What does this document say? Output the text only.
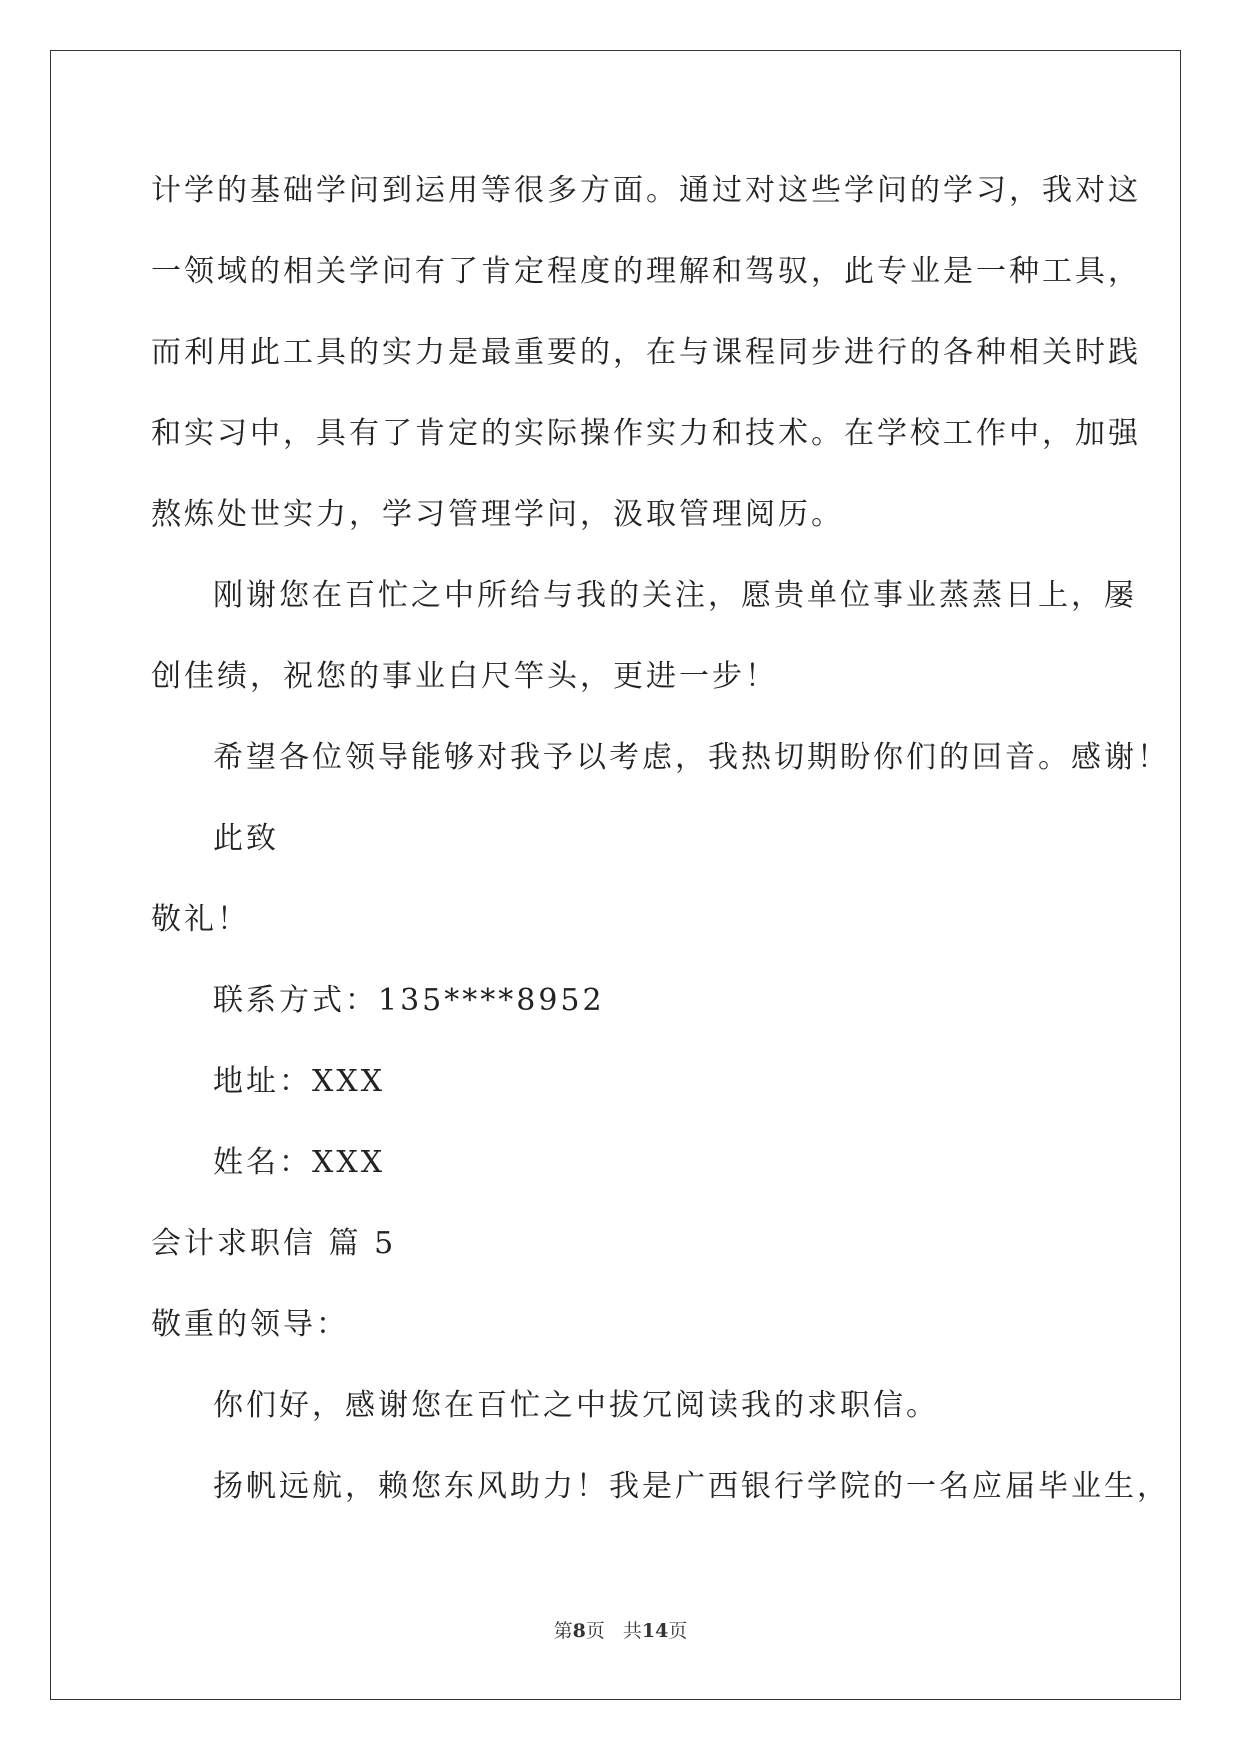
计学的基础学问到运用等很多方面。通过对这些学问的学习，我对这
一领域的相关学问有了肯定程度的理解和驾驭，此专业是一种工具，
而利用此工具的实力是最重要的，在与课程同步进行的各种相关时践
和实习中，具有了肯定的实际操作实力和技术。在学校工作中，加强
熬炼处世实力，学习管理学问，汲取管理阅历。
刚谢您在百忙之中所给与我的关注，愿贵单位事业蒸蒸日上，屡
创佳绩，祝您的事业白尺竿头，更进一步！
希望各位领导能够对我予以考虑，我热切期盼你们的回音。感谢！
此致
敬礼！
联系方式：135****8952
地址：XXX
姓名：XXX
会计求职信 篇 5
敬重的领导：
你们好，感谢您在百忙之中拔冗阅读我的求职信。
扬帆远航，赖您东风助力！我是广西银行学院的一名应届毕业生，
第8页 共14页
